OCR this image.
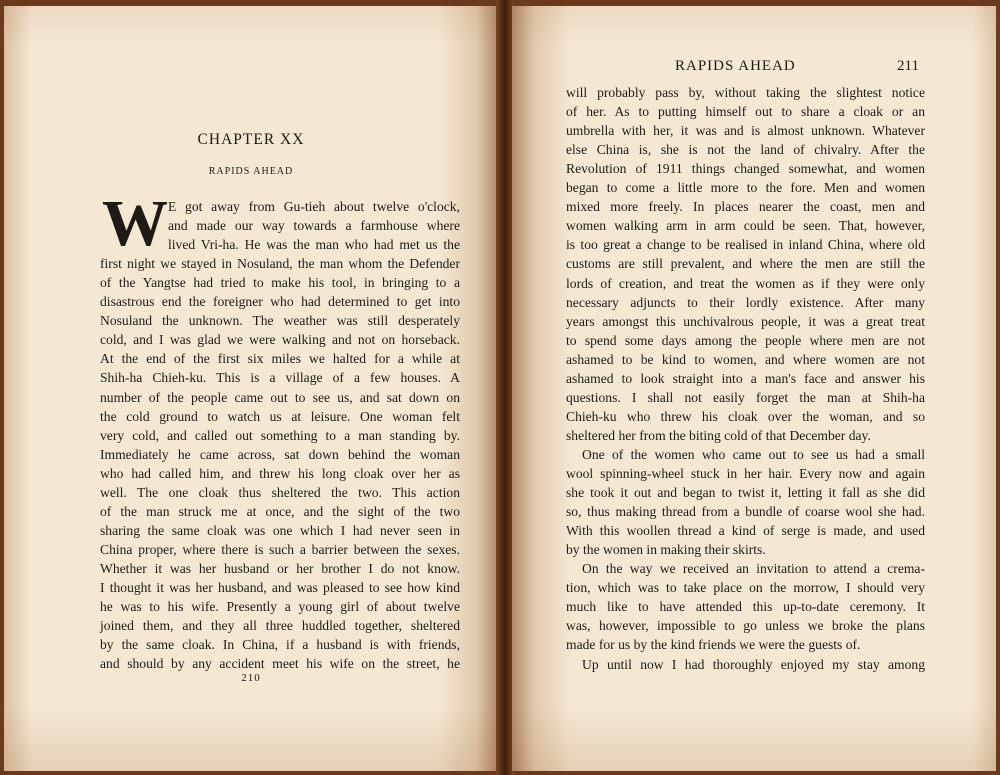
CHAPTER XX
RAPIDS AHEAD
W E got away from Gu-tieh about twelve o'clock,
and made our way towards a farmhouse where
lived Vri-ha. He was the man who had met us the
first night we stayed in Nosuland, the man whom the Defender
of the Yangtse had tried to make his tool, in bringing to a
disastrous end the foreigner who had determined to get into
Nosuland the unknown. The weather was still desperately
cold, and I was glad we were walking and not on horseback.
At the end of the first six miles we halted for a while at
Shih-ha Chieh-ku. This is a village of a few houses. A
number of the people came out to see us, and sat down on
the cold ground to watch us at leisure. One woman felt
very cold, and called out something to a man standing by.
Immediately he came across, sat down behind the woman
who had called him, and threw his long cloak over her as
well. The one cloak thus sheltered the two. This action
of the man struck me at once, and the sight of the two
sharing the same cloak was one which I had never seen in
China proper, where there is such a barrier between the sexes.
Whether it was her husband or her brother I do not know.
I thought it was her husband, and was pleased to see how kind
he was to his wife. Presently a young girl of about twelve
joined them, and they all three huddled together, sheltered
by the same cloak. In China, if a husband is with friends,
and should by any accident meet his wife on the street, he
210
RAPIDS AHEAD	211
will probably pass by, without taking the slightest notice
of her. As to putting himself out to share a cloak or an
umbrella with her, it was and is almost unknown. Whatever
else China is, she is not the land of chivalry. After the
Revolution of 1911 things changed somewhat, and women
began to come a little more to the fore. Men and women
mixed more freely. In places nearer the coast, men and
women walking arm in arm could be seen. That, however,
is too great a change to be realised in inland China, where old
customs are still prevalent, and where the men are still the
lords of creation, and treat the women as if they were only
necessary adjuncts to their lordly existence. After many
years amongst this unchivalrous people, it was a great treat
to spend some days among the people where men are not
ashamed to be kind to women, and where women are not
ashamed to look straight into a man's face and answer his
questions. I shall not easily forget the man at Shih-ha
Chieh-ku who threw his cloak over the woman, and so
sheltered her from the biting cold of that December day.
One of the women who came out to see us had a small
wool spinning-wheel stuck in her hair. Every now and again
she took it out and began to twist it, letting it fall as she did
so, thus making thread from a bundle of coarse wool she had.
With this woollen thread a kind of serge is made, and used
by the women in making their skirts.
On the way we received an invitation to attend a crema-
tion, which was to take place on the morrow, I should very
much like to have attended this up-to-date ceremony. It
was, however, impossible to go unless we broke the plans
made for us by the kind friends we were the guests of.
Up until now I had thoroughly enjoyed my stay among
